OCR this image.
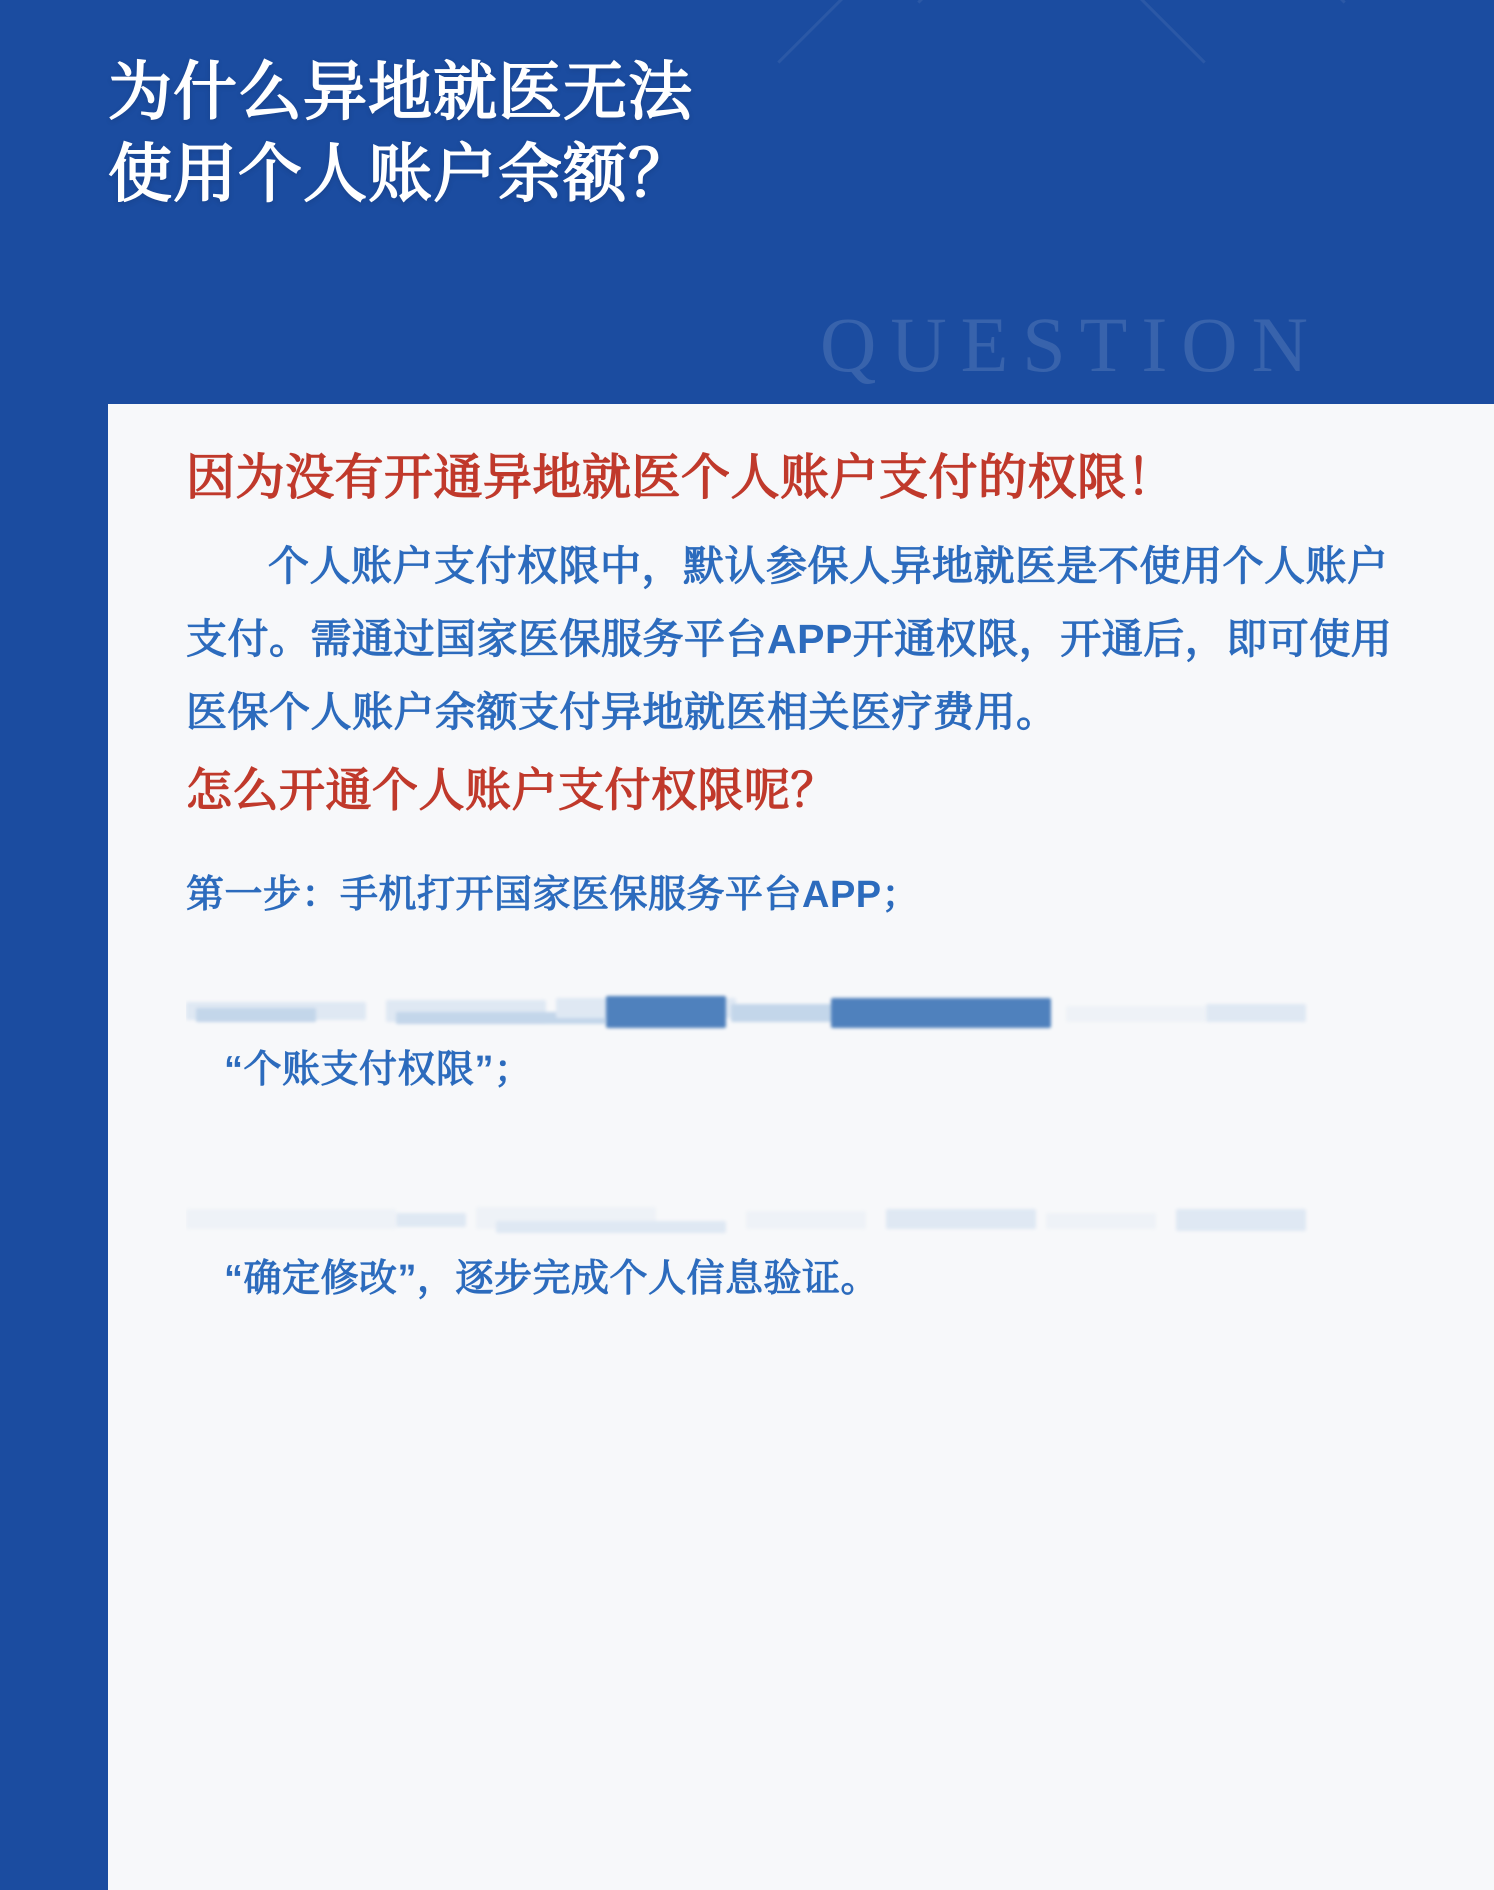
QUESTION
为什么异地就医无法
使用个人账户余额？

因为没有开通异地就医个人账户支付的权限！

个人账户支付权限中，默认参保人异地就医是不使用个人账户支付。需通过国家医保服务平台APP开通权限，开通后，即可使用医保个人账户余额支付异地就医相关医疗费用。

怎么开通个人账户支付权限呢？

第一步：手机打开国家医保服务平台APP；

“个账支付权限”；

“确定修改”，逐步完成个人信息验证。
